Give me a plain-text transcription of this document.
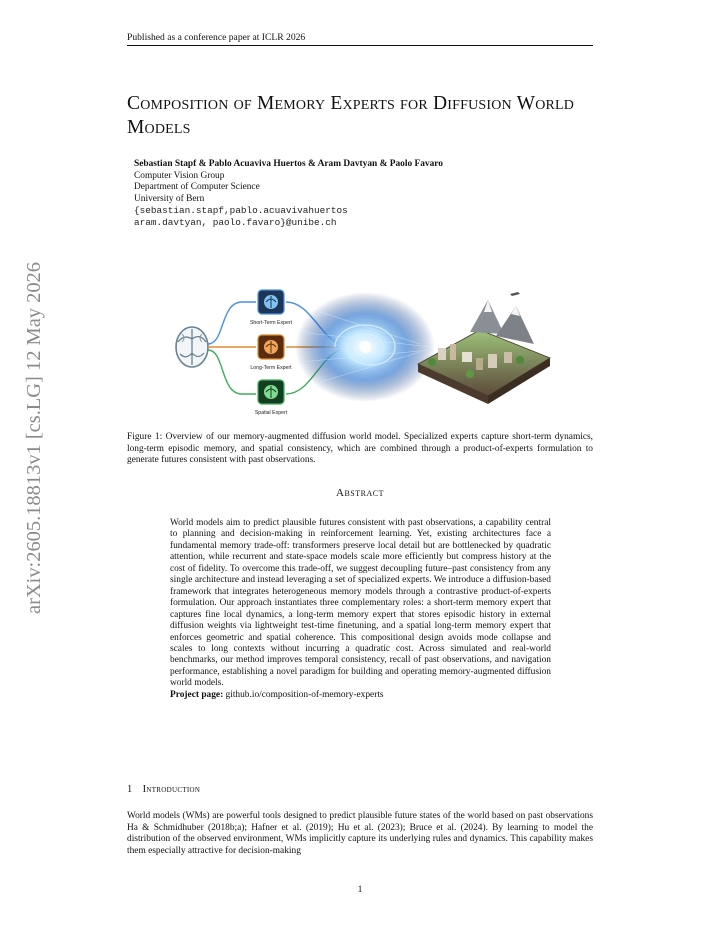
Published as a conference paper at ICLR 2026
Composition of Memory Experts for Diffusion World Models
Sebastian Stapf & Pablo Acuaviva Huertos & Aram Davtyan & Paolo Favaro
Computer Vision Group
Department of Computer Science
University of Bern
{sebastian.stapf,pablo.acuavivahuertos
aram.davtyan, paolo.favaro}@unibe.ch
arXiv:2605.18813v1 [cs.LG] 12 May 2026	Short-Term Expert
Long-Term Expert
Spatial Expert
Figure 1: Overview of our memory-augmented diffusion world model. Specialized experts capture short-term dynamics, long-term episodic memory, and spatial consistency, which are combined through a product-of-experts formulation to generate futures consistent with past observations.
Abstract
World models aim to predict plausible futures consistent with past observations, a capability central to planning and decision-making in reinforcement learning. Yet, existing architectures face a fundamental memory trade-off: transformers preserve local detail but are bottlenecked by quadratic attention, while recurrent and state-space models scale more efficiently but compress history at the cost of fidelity. To overcome this trade-off, we suggest decoupling future–past consistency from any single architecture and instead leveraging a set of specialized experts. We introduce a diffusion-based framework that integrates heterogeneous memory models through a contrastive product-of-experts formulation. Our approach instantiates three complementary roles: a short-term memory expert that captures fine local dynamics, a long-term memory expert that stores episodic history in external diffusion weights via lightweight test-time finetuning, and a spatial long-term memory expert that enforces geometric and spatial coherence. This compositional design avoids mode collapse and scales to long contexts without incurring a quadratic cost. Across simulated and real-world benchmarks, our method improves temporal consistency, recall of past observations, and navigation performance, establishing a novel paradigm for building and operating memory-augmented diffusion world models.
Project page: github.io/composition-of-memory-experts
1 Introduction
World models (WMs) are powerful tools designed to predict plausible future states of the world based on past observations Ha & Schmidhuber (2018b;a); Hafner et al. (2019); Hu et al. (2023); Bruce et al. (2024). By learning to model the distribution of the observed environment, WMs implicitly capture its underlying rules and dynamics. This capability makes them especially attractive for decision-making
1
